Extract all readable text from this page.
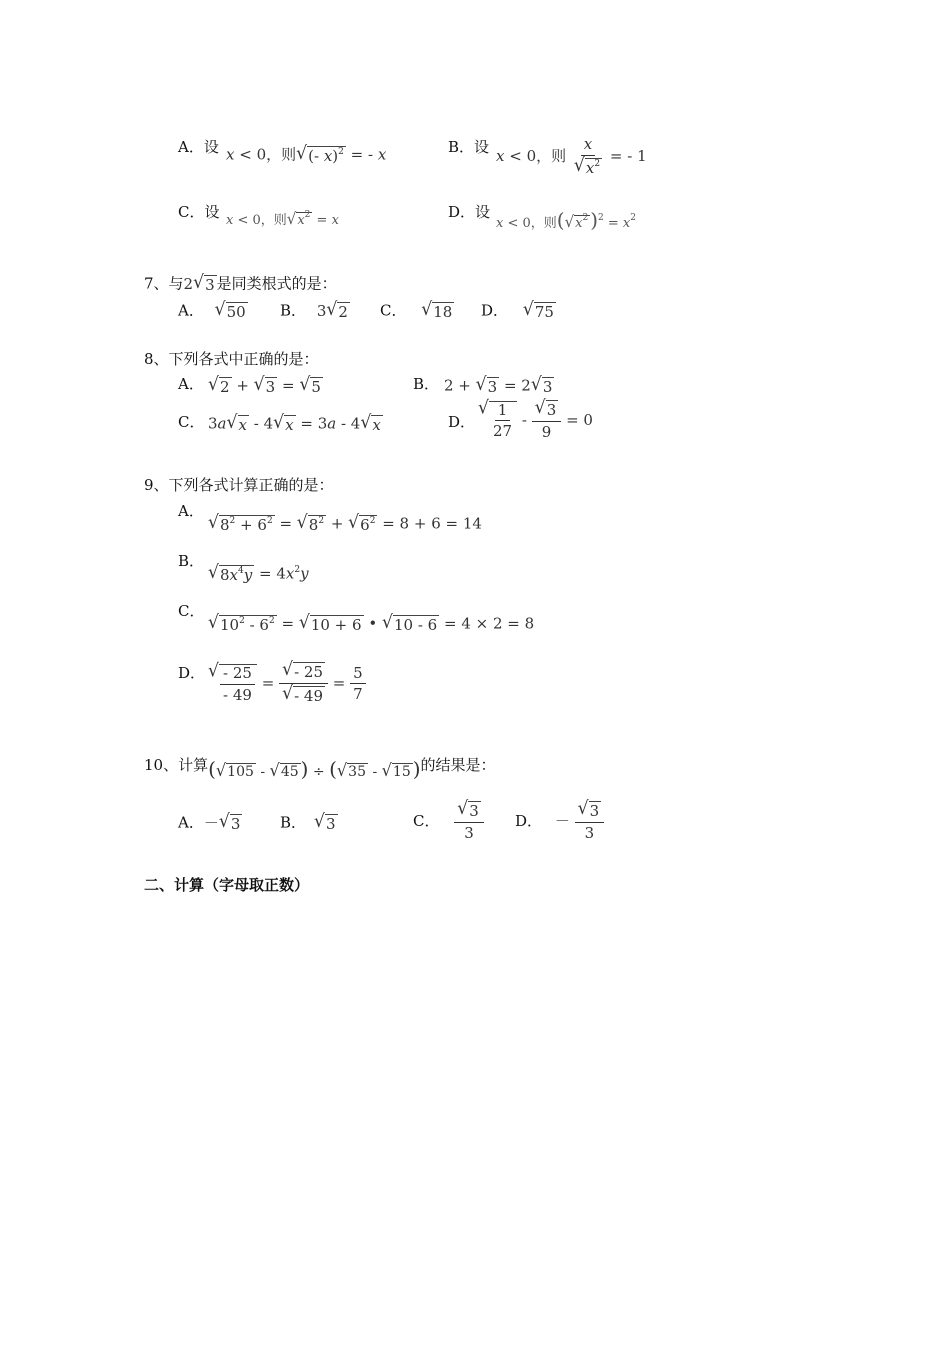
A．设 x < 0，则 √ (- x)$^2$ = - x	B．设 x < 0，则 $\frac{x}{√ x^2}$ = - 1
C．设 x < 0，则 √ $x^2 = x$	D．设
x < 0，则( √ $x^2$ )$^2 = x^2$
7、与2 √ 3 是同类根式的是：
A． √ 50 B． 3 √ 2 C． √ 18 D． √ 75
8、下列各式中正确的是：
A． √ 2 + √ 3 = √ 5	B． 2 + √ 3 = 2 √ 3
C． 3a √ x - 4 √ x = 3a - 4 √ x	D．
√ $\frac{1}{27} - \frac{√ 3}{9} = 0$
9、下列各式计算正确的是：
A．
√ $8^2 + 6^2$ = √ $8^2$ + √ $6^2 = 8 + 6 = 14$
B．
√ $8x^4y = 4x^2y$
C．
√ $10^2 - 6^2$ = √ 10 + 6 • √ 10 - 6 = 4 × 2 = 8
D． √ $\frac{- 25}{- 49} = \frac{√ - 25}{√ - 49} = \frac{5}{7}$
10、计算( √ 105 - √ 45 ) ÷ ( √ 35 - √ 15 )的结果是：
A．－ √ 3	B． √ 3	C． $\frac{√ 3}{3}$ D． － $\frac{√ 3}{3}$
二、计算（字母取正数）
